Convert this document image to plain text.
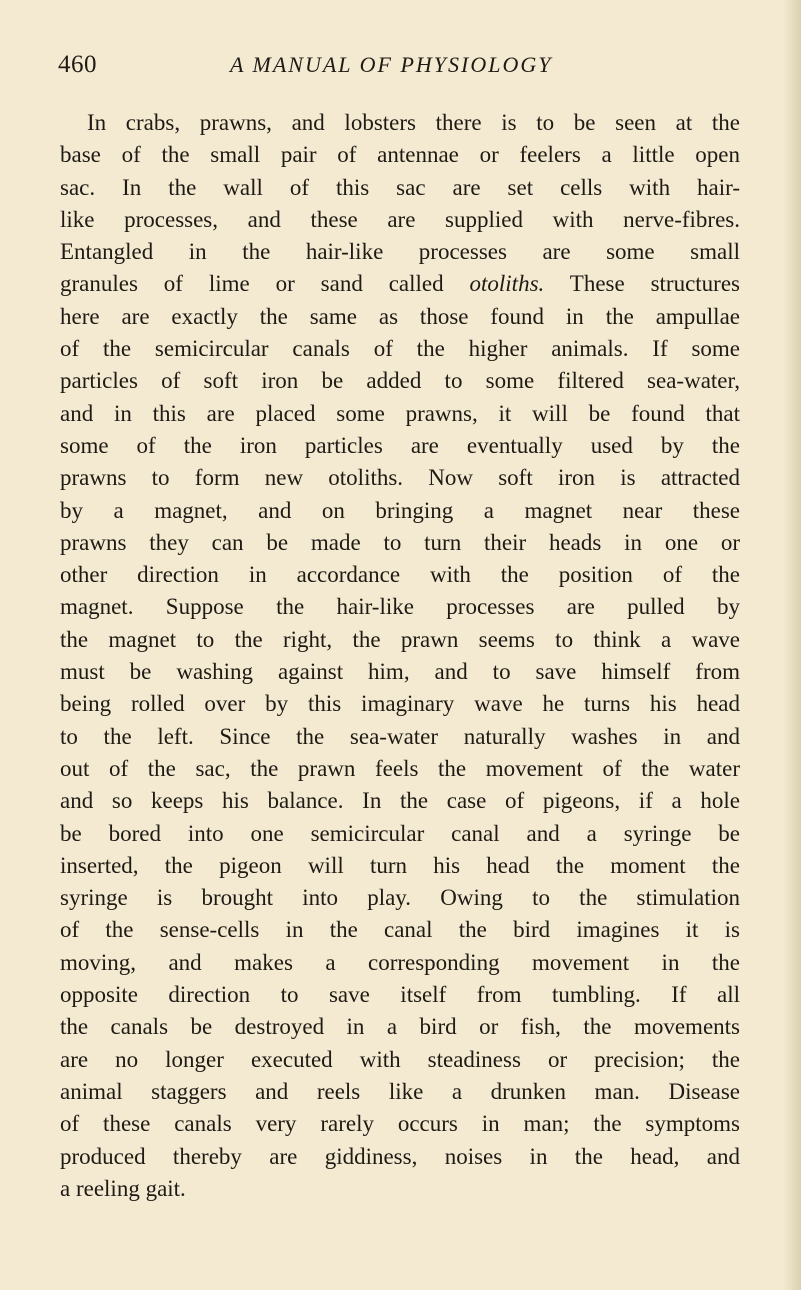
460	A MANUAL OF PHYSIOLOGY
In crabs, prawns, and lobsters there is to be seen at the
base of the small pair of antennae or feelers a little open
sac. In the wall of this sac are set cells with hair-
like processes, and these are supplied with nerve-fibres.
Entangled in the hair-like processes are some small
granules of lime or sand called otoliths. These structures
here are exactly the same as those found in the ampullae
of the semicircular canals of the higher animals. If some
particles of soft iron be added to some filtered sea-water,
and in this are placed some prawns, it will be found that
some of the iron particles are eventually used by the
prawns to form new otoliths. Now soft iron is attracted
by a magnet, and on bringing a magnet near these
prawns they can be made to turn their heads in one or
other direction in accordance with the position of the
magnet. Suppose the hair-like processes are pulled by
the magnet to the right, the prawn seems to think a wave
must be washing against him, and to save himself from
being rolled over by this imaginary wave he turns his head
to the left. Since the sea-water naturally washes in and
out of the sac, the prawn feels the movement of the water
and so keeps his balance. In the case of pigeons, if a hole
be bored into one semicircular canal and a syringe be
inserted, the pigeon will turn his head the moment the
syringe is brought into play. Owing to the stimulation
of the sense-cells in the canal the bird imagines it is
moving, and makes a corresponding movement in the
opposite direction to save itself from tumbling. If all
the canals be destroyed in a bird or fish, the movements
are no longer executed with steadiness or precision; the
animal staggers and reels like a drunken man. Disease
of these canals very rarely occurs in man; the symptoms
produced thereby are giddiness, noises in the head, and
a reeling gait.
